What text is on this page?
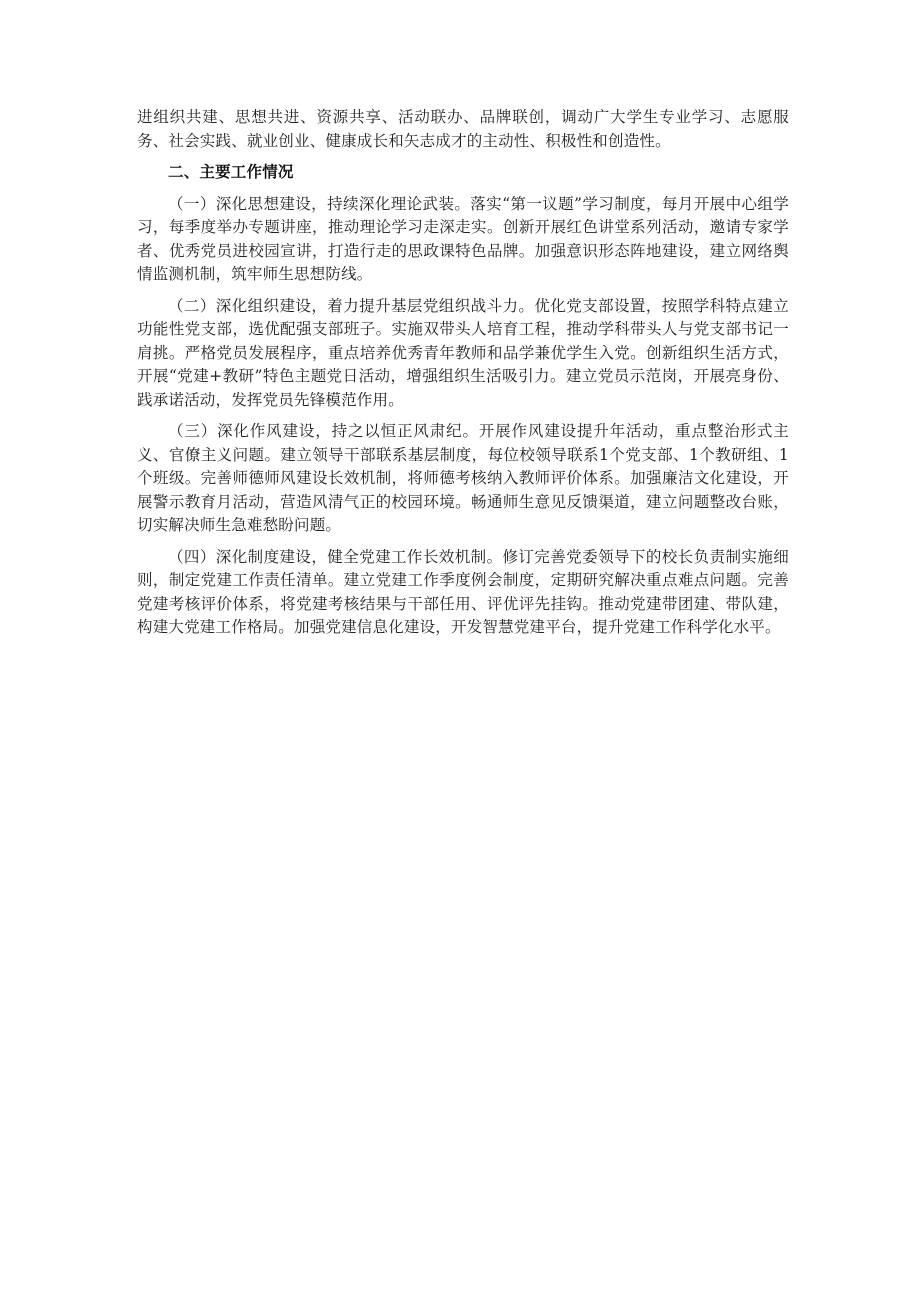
进组织共建、思想共进、资源共享、活动联办、品牌联创，调动广大学生专业学习、志愿服务、社会实践、就业创业、健康成长和矢志成才的主动性、积极性和创造性。

二、主要工作情况

（一）深化思想建设，持续深化理论武装。落实“第一议题”学习制度，每月开展中心组学习，每季度举办专题讲座，推动理论学习走深走实。创新开展红色讲堂系列活动，邀请专家学者、优秀党员进校园宣讲，打造行走的思政课特色品牌。加强意识形态阵地建设，建立网络舆情监测机制，筑牢师生思想防线。

（二）深化组织建设，着力提升基层党组织战斗力。优化党支部设置，按照学科特点建立功能性党支部，选优配强支部班子。实施双带头人培育工程，推动学科带头人与党支部书记一肩挑。严格党员发展程序，重点培养优秀青年教师和品学兼优学生入党。创新组织生活方式，开展“党建+教研”特色主题党日活动，增强组织生活吸引力。建立党员示范岗，开展亮身份、践承诺活动，发挥党员先锋模范作用。

（三）深化作风建设，持之以恒正风肃纪。开展作风建设提升年活动，重点整治形式主义、官僚主义问题。建立领导干部联系基层制度，每位校领导联系1个党支部、1个教研组、1个班级。完善师德师风建设长效机制，将师德考核纳入教师评价体系。加强廉洁文化建设，开展警示教育月活动，营造风清气正的校园环境。畅通师生意见反馈渠道，建立问题整改台账，切实解决师生急难愁盼问题。

（四）深化制度建设，健全党建工作长效机制。修订完善党委领导下的校长负责制实施细则，制定党建工作责任清单。建立党建工作季度例会制度，定期研究解决重点难点问题。完善党建考核评价体系，将党建考核结果与干部任用、评优评先挂钩。推动党建带团建、带队建，构建大党建工作格局。加强党建信息化建设，开发智慧党建平台，提升党建工作科学化水平。
